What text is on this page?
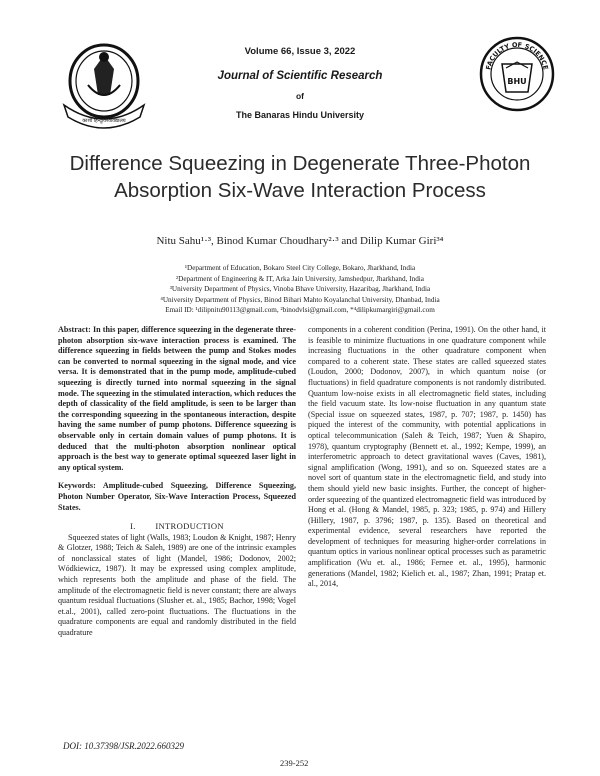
काशी हिन्दूविश्वविद्यालय
Volume 66, Issue 3, 2022
Journal of Scientific Research
of
The Banaras Hindu University
FACULTY OF SCIENCE
BHU
Difference Squeezing in Degenerate Three-Photon
Absorption Six-Wave Interaction Process
Nitu Sahu¹·³, Binod Kumar Choudhary²·³ and Dilip Kumar Giri³⁴
¹Department of Education, Bokaro Steel City College, Bokaro, Jharkhand, India
²Department of Engineering & IT, Arka Jain University, Jamshedpur, Jharkhand, India
³University Department of Physics, Vinoba Bhave University, Hazaribag, Jharkhand, India
⁴University Department of Physics, Binod Bihari Mahto Koyalanchal University, Dhanbad, India
Email ID: ¹dilipnitu90113@gmail.com, ²binodvlsi@gmail.com, *⁴dilipkumargiri@gmail.com

Abstract: In this paper, difference squeezing in the degenerate three-photon absorption six-wave interaction process is examined. The difference squeezing in fields between the pump and Stokes modes can be converted to normal squeezing in the signal mode, and vice versa. It is demonstrated that in the pump mode, amplitude-cubed squeezing is directly turned into normal squeezing in the signal mode. The squeezing in the stimulated interaction, which reduces the depth of classicality of the field amplitude, is seen to be larger than the corresponding squeezing in the spontaneous interaction, despite having the same number of pump photons. Difference squeezing is observable only in certain domain values of pump photons. It is deduced that the multi-photon absorption nonlinear optical approach is the best way to generate optimal squeezed laser light in any optical system.

Keywords: Amplitude-cubed Squeezing, Difference Squeezing, Photon Number Operator, Six-Wave Interaction Process, Squeezed States.

I.        INTRODUCTION

Squeezed states of light (Walls, 1983; Loudon & Knight, 1987; Henry & Glotzer, 1988; Teich & Saleh, 1989) are one of the intrinsic examples of nonclassical states of light (Mandel, 1986; Dodonov, 2002; Wódkiewicz, 1987). It may be expressed using complex amplitude, which represents both the amplitude and phase of the field. The amplitude of the electromagnetic field is never constant; there are always quantum residual fluctuations (Slusher et. al., 1985; Bachor, 1998; Vogel et.al., 2001), called zero-point fluctuations. The fluctuations in the quadrature components are equal and randomly distributed in the field quadrature

components in a coherent condition (Perina, 1991). On the other hand, it is feasible to minimize fluctuations in one quadrature component while increasing fluctuations in the other quadrature component when compared to a coherent state. These states are called squeezed states (Loudon, 2000; Dodonov, 2007), in which quantum noise (or fluctuations) in field quadrature components is not randomly distributed. Quantum low-noise exists in all electromagnetic field states, including the field vacuum state. Its low-noise fluctuation in any quantum state (Special issue on squeezed states, 1987, p. 707; 1987, p. 1450) has piqued the interest of the community, with potential applications in optical telecommunication (Saleh & Teich, 1987; Yuen & Shapiro, 1978), quantum cryptography (Bennett et. al., 1992; Kempe, 1999), an interferometric approach to detect gravitational waves (Caves, 1981), signal amplification (Wong, 1991), and so on. Squeezed states are a novel sort of quantum state in the electromagnetic field, and study into them should yield new basic insights. Further, the concept of higher-order squeezing of the quantized electromagnetic field was introduced by Hong et al. (Hong & Mandel, 1985, p. 323; 1985, p. 974) and Hillery (Hillery, 1987, p. 3796; 1987, p. 135). Based on theoretical and experimental evidence, several researchers have reported the development of techniques for measuring higher-order correlations in quantum optics in various nonlinear optical processes such as parametric amplification (Wu et. al., 1986; Fernee et. al., 1995), harmonic generations (Mandel, 1982; Kielich et. al., 1987; Zhan, 1991; Pratap et. al., 2014,

DOI: 10.37398/JSR.2022.660329
239-252
